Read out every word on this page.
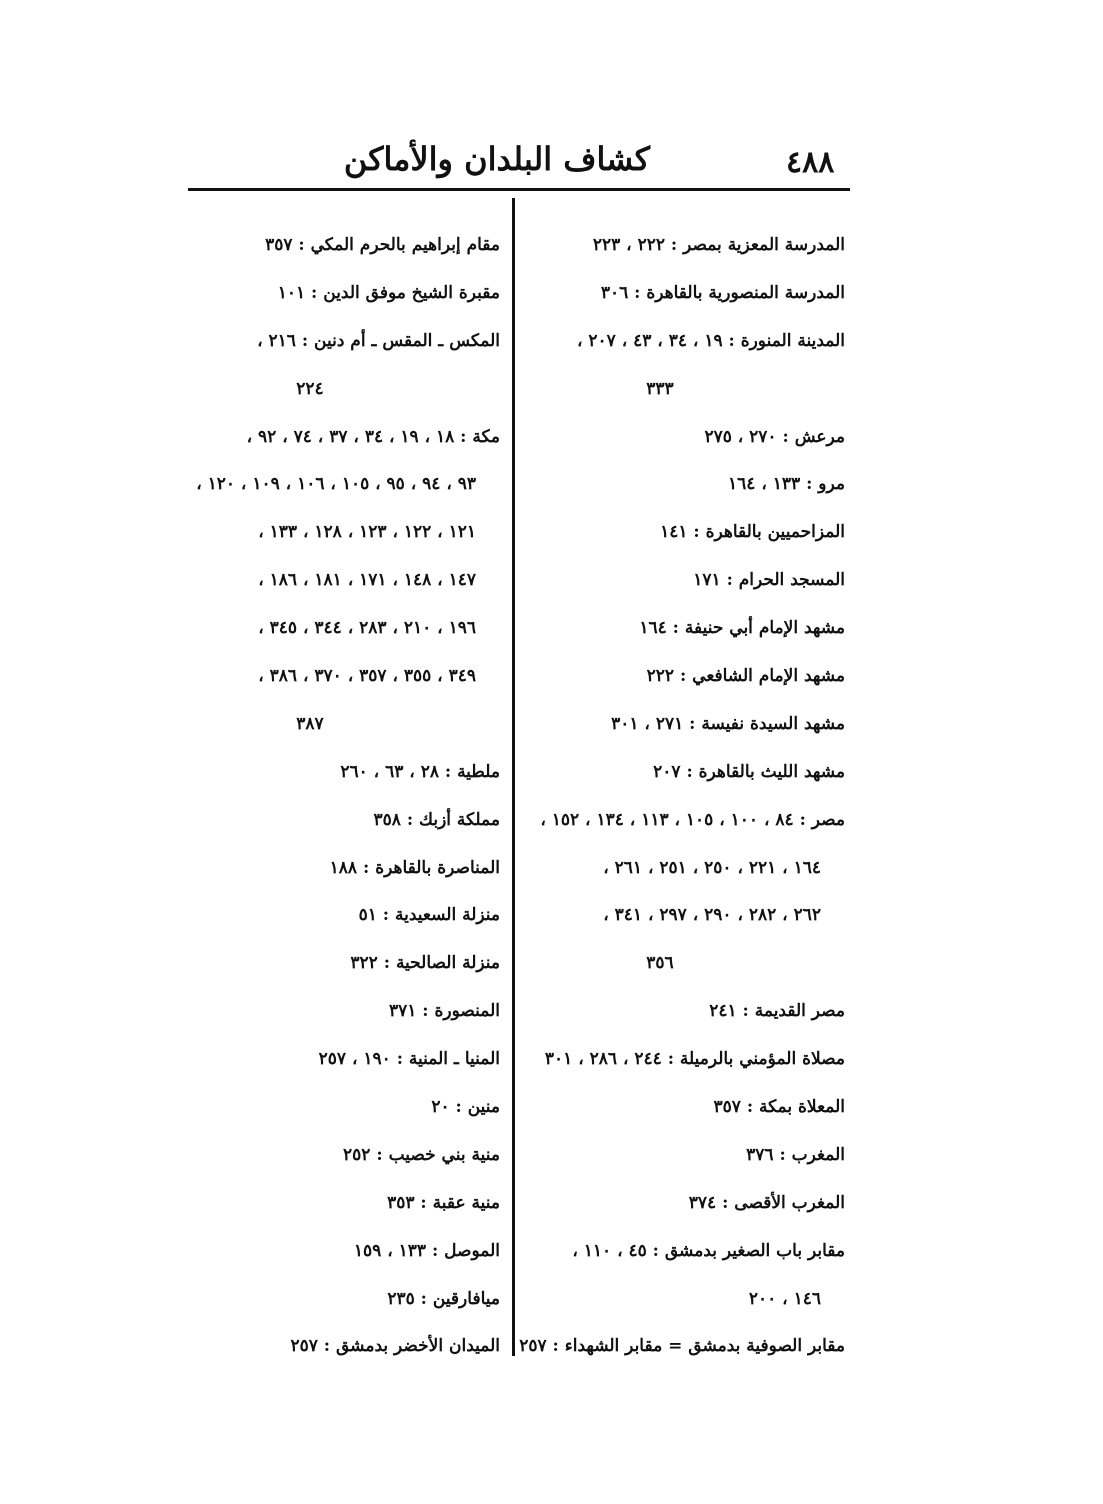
٤٨٨
كشاف البلدان والأماكن
المدرسة المعزية بمصر : ٢٢٢ ، ٢٢٣
المدرسة المنصورية بالقاهرة : ٣٠٦
المدينة المنورة : ١٩ ، ٣٤ ، ٤٣ ، ٢٠٧ ،
٣٣٣
مرعش : ٢٧٠ ، ٢٧٥
مرو : ١٣٣ ، ١٦٤
المزاحميين بالقاهرة : ١٤١
المسجد الحرام : ١٧١
مشهد الإمام أبي حنيفة : ١٦٤
مشهد الإمام الشافعي : ٢٢٢
مشهد السيدة نفيسة : ٢٧١ ، ٣٠١
مشهد الليث بالقاهرة : ٢٠٧
مصر : ٨٤ ، ١٠٠ ، ١٠٥ ، ١١٣ ، ١٣٤ ، ١٥٢ ،
١٦٤ ، ٢٢١ ، ٢٥٠ ، ٢٥١ ، ٢٦١ ،
٢٦٢ ، ٢٨٢ ، ٢٩٠ ، ٢٩٧ ، ٣٤١ ،
٣٥٦
مصر القديمة : ٢٤١
مصلاة المؤمني بالرميلة : ٢٤٤ ، ٢٨٦ ، ٣٠١
المعلاة بمكة : ٣٥٧
المغرب : ٣٧٦
المغرب الأقصى : ٣٧٤
مقابر باب الصغير بدمشق : ٤٥ ، ١١٠ ،
١٤٦ ، ٢٠٠
مقابر الصوفية بدمشق = مقابر الشهداء : ٢٥٧
مقام إبراهيم بالحرم المكي : ٣٥٧
مقبرة الشيخ موفق الدين : ١٠١
المكس ـ المقس ـ أم دنين : ٢١٦ ،
٢٢٤
مكة : ١٨ ، ١٩ ، ٣٤ ، ٣٧ ، ٧٤ ، ٩٢ ،
٩٣ ، ٩٤ ، ٩٥ ، ١٠٥ ، ١٠٦ ، ١٠٩ ، ١٢٠ ،
١٢١ ، ١٢٢ ، ١٢٣ ، ١٢٨ ، ١٣٣ ،
١٤٧ ، ١٤٨ ، ١٧١ ، ١٨١ ، ١٨٦ ،
١٩٦ ، ٢١٠ ، ٢٨٣ ، ٣٤٤ ، ٣٤٥ ،
٣٤٩ ، ٣٥٥ ، ٣٥٧ ، ٣٧٠ ، ٣٨٦ ،
٣٨٧
ملطية : ٢٨ ، ٦٣ ، ٢٦٠
مملكة أزبك : ٣٥٨
المناصرة بالقاهرة : ١٨٨
منزلة السعيدية : ٥١
منزلة الصالحية : ٣٢٢
المنصورة : ٣٧١
المنيا ـ المنية : ١٩٠ ، ٢٥٧
منين : ٢٠
منية بني خصيب : ٢٥٢
منية عقبة : ٣٥٣
الموصل : ١٣٣ ، ١٥٩
ميافارقين : ٢٣٥
الميدان الأخضر بدمشق : ٢٥٧
